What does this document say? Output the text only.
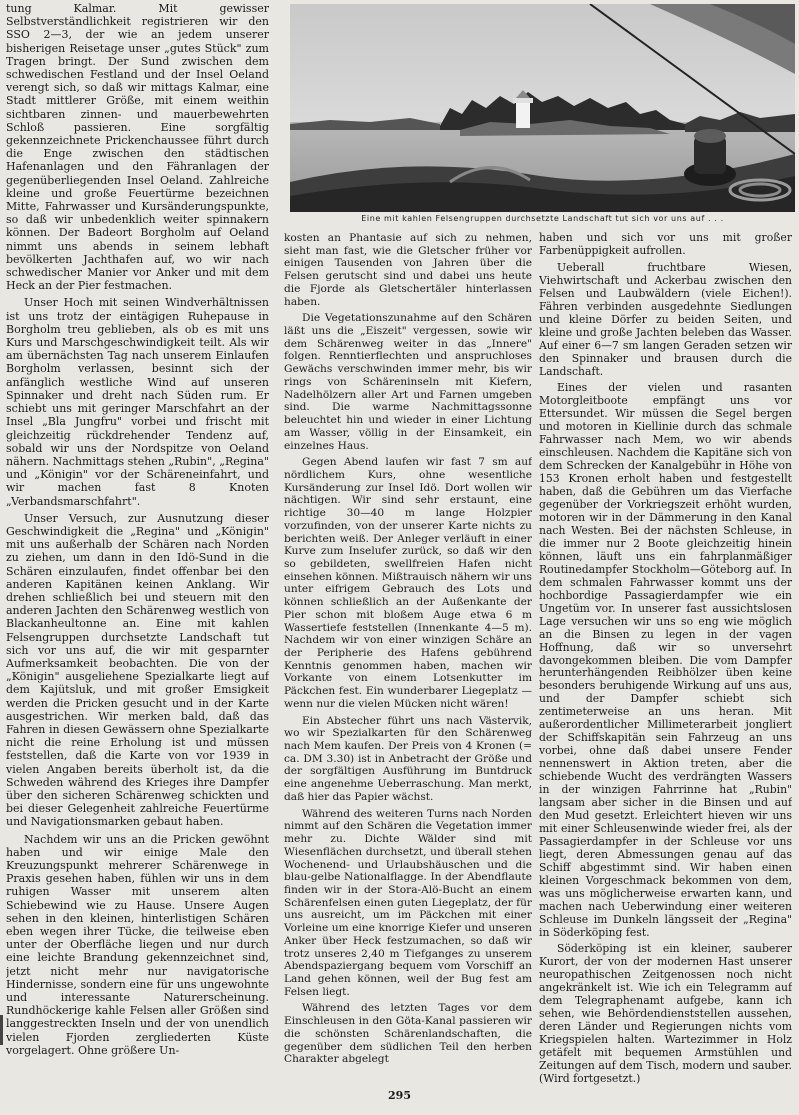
tung Kalmar. Mit gewisser Selbstverständlichkeit registrieren wir den SSO 2—3, der wie an jedem unserer bisherigen Reisetage unser „gutes Stück" zum Tragen bringt. Der Sund zwischen dem schwedischen Festland und der Insel Oeland verengt sich, so daß wir mittags Kalmar, eine Stadt mittlerer Größe, mit einem weithin sichtbaren zinnen- und mauerbewehrten Schloß passieren. Eine sorgfältig gekennzeichnete Prickenchaussee führt durch die Enge zwischen den städtischen Hafenanlagen und den Fähranlagen der gegenüberliegenden Insel Oeland. Zahlreiche kleine und große Feuertürme bezeichnen Mitte, Fahrwasser und Kursänderungspunkte, so daß wir unbedenklich weiter spinnakern können. Der Badeort Borgholm auf Oeland nimmt uns abends in seinem lebhaft bevölkerten Jachthafen auf, wo wir nach schwedischer Manier vor Anker und mit dem Heck an der Pier festmachen.

Unser Hoch mit seinen Windverhältnissen ist uns trotz der eintägigen Ruhepause in Borgholm treu geblieben, als ob es mit uns Kurs und Marschgeschwindigkeit teilt. Als wir am übernächsten Tag nach unserem Einlaufen Borgholm verlassen, besinnt sich der anfänglich westliche Wind auf unseren Spinnaker und dreht nach Süden rum. Er schiebt uns mit geringer Marschfahrt an der Insel „Bla Jungfru" vorbei und frischt mit gleichzeitig rückdrehender Tendenz auf, sobald wir uns der Nordspitze von Oeland nähern. Nachmittags stehen „Rubin", „Regina" und „Königin" vor der Schäreneinfahrt, und wir machen fast 8 Knoten „Verbandsmarschfahrt".

Unser Versuch, zur Ausnutzung dieser Geschwindigkeit die „Regina" und „Königin" mit uns außerhalb der Schären nach Norden zu ziehen, um dann in den Idö-Sund in die Schären einzulaufen, findet offenbar bei den anderen Kapitänen keinen Anklang. Wir drehen schließlich bei und steuern mit den anderen Jachten den Schärenweg westlich von Blackanheultonne an. Eine mit kahlen Felsengruppen durchsetzte Landschaft tut sich vor uns auf, die wir mit gesparnter Aufmerksamkeit beobachten. Die von der „Königin" ausgeliehene Spezialkarte liegt auf dem Kajütsluk, und mit großer Emsigkeit werden die Pricken gesucht und in der Karte ausgestrichen. Wir merken bald, daß das Fahren in diesen Gewässern ohne Spezialkarte nicht die reine Erholung ist und müssen feststellen, daß die Karte von vor 1939 in vielen Angaben bereits überholt ist, da die Schweden während des Krieges ihre Dampfer über den sicheren Schärenweg schickten und bei dieser Gelegenheit zahlreiche Feuertürme und Navigationsmarken gebaut haben.

Nachdem wir uns an die Pricken gewöhnt haben und wir einige Male den Kreuzungspunkt mehrerer Schärenwege in Praxis gesehen haben, fühlen wir uns in dem ruhigen Wasser mit unserem alten Schiebewind wie zu Hause. Unsere Augen sehen in den kleinen, hinterlistigen Schären eben wegen ihrer Tücke, die teilweise eben unter der Oberfläche liegen und nur durch eine leichte Brandung gekennzeichnet sind, jetzt nicht mehr nur navigatorische Hindernisse, sondern eine für uns ungewohnte und interessante Naturerscheinung. Rundhöckerige kahle Felsen aller Größen sind langgestreckten Inseln und der von unendlich vielen Fjorden zergliederten Küste vorgelagert. Ohne größere Un-

Eine mit kahlen Felsengruppen durchsetzte Landschaft tut sich vor uns auf . . .

kosten an Phantasie auf sich zu nehmen, sieht man fast, wie die Gletscher früher vor einigen Tausenden von Jahren über die Felsen gerutscht sind und dabei uns heute die Fjorde als Gletschertäler hinterlassen haben.

Die Vegetationszunahme auf den Schären läßt uns die „Eiszeit" vergessen, sowie wir dem Schärenweg weiter in das „Innere" folgen. Renntierflechten und anspruchloses Gewächs verschwinden immer mehr, bis wir rings von Schäreninseln mit Kiefern, Nadelhölzern aller Art und Farnen umgeben sind. Die warme Nachmittagssonne beleuchtet hin und wieder in einer Lichtung am Wasser, völlig in der Einsamkeit, ein einzelnes Haus.

Gegen Abend laufen wir fast 7 sm auf nördlichem Kurs, ohne wesentliche Kursänderung zur Insel Idö. Dort wollen wir nächtigen. Wir sind sehr erstaunt, eine richtige 30—40 m lange Holzpier vorzufinden, von der unserer Karte nichts zu berichten weiß. Der Anleger verläuft in einer Kurve zum Inselufer zurück, so daß wir den so gebildeten, swellfreien Hafen nicht einsehen können. Mißtrauisch nähern wir uns unter eifrigem Gebrauch des Lots und können schließlich an der Außenkante der Pier schon mit bloßem Auge etwa 6 m Wassertiefe feststellen (Innenkante 4—5 m). Nachdem wir von einer winzigen Schäre an der Peripherie des Hafens gebührend Kenntnis genommen haben, machen wir Vorkante von einem Lotsenkutter im Päckchen fest. Ein wunderbarer Liegeplatz — wenn nur die vielen Mücken nicht wären!

Ein Abstecher führt uns nach Västervik, wo wir Spezialkarten für den Schärenweg nach Mem kaufen. Der Preis von 4 Kronen (= ca. DM 3.30) ist in Anbetracht der Größe und der sorgfältigen Ausführung im Buntdruck eine angenehme Ueberraschung. Man merkt, daß hier das Papier wächst.

Während des weiteren Turns nach Norden nimmt auf den Schären die Vegetation immer mehr zu. Dichte Wälder sind mit Wiesenflächen durchsetzt, und überall stehen Wochenend- und Urlaubshäuschen und die blau-gelbe Nationalflagge. In der Abendflaute finden wir in der Stora-Alö-Bucht an einem Schärenfelsen einen guten Liegeplatz, der für uns ausreicht, um im Päckchen mit einer Vorleine um eine knorrige Kiefer und unseren Anker über Heck festzumachen, so daß wir trotz unseres 2,40 m Tiefganges zu unserem Abendspaziergang bequem vom Vorschiff an Land gehen können, weil der Bug fest am Felsen liegt.

Während des letzten Tages vor dem Einschleusen in den Göta-Kanal passieren wir die schönsten Schärenlandschaften, die gegenüber dem südlichen Teil den herben Charakter abgelegt

haben und sich vor uns mit großer Farbenüppigkeit aufrollen.

Ueberall fruchtbare Wiesen, Viehwirtschaft und Ackerbau zwischen den Felsen und Laubwäldern (viele Eichen!). Fähren verbinden ausgedehnte Siedlungen und kleine Dörfer zu beiden Seiten, und kleine und große Jachten beleben das Wasser. Auf einer 6—7 sm langen Geraden setzen wir den Spinnaker und brausen durch die Landschaft.

Eines der vielen und rasanten Motorgleitboote empfängt uns vor Ettersundet. Wir müssen die Segel bergen und motoren in Kiellinie durch das schmale Fahrwasser nach Mem, wo wir abends einschleusen. Nachdem die Kapitäne sich von dem Schrecken der Kanalgebühr in Höhe von 153 Kronen erholt haben und festgestellt haben, daß die Gebühren um das Vierfache gegenüber der Vorkriegszeit erhöht wurden, motoren wir in der Dämmerung in den Kanal nach Westen. Bei der nächsten Schleuse, in die immer nur 2 Boote gleichzeitig hinein können, läuft uns ein fahrplanmäßiger Routinedampfer Stockholm—Göteborg auf. In dem schmalen Fahrwasser kommt uns der hochbordige Passagierdampfer wie ein Ungetüm vor. In unserer fast aussichtslosen Lage versuchen wir uns so eng wie möglich an die Binsen zu legen in der vagen Hoffnung, daß wir so unversehrt davongekommen bleiben. Die vom Dampfer herunterhängenden Reibhölzer üben keine besonders beruhigende Wirkung auf uns aus, und der Dampfer schiebt sich zentimeterweise an uns heran. Mit außerordentlicher Millimeterarbeit jongliert der Schiffskapitän sein Fahrzeug an uns vorbei, ohne daß dabei unsere Fender nennenswert in Aktion treten, aber die schiebende Wucht des verdrängten Wassers in der winzigen Fahrrinne hat „Rubin" langsam aber sicher in die Binsen und auf den Mud gesetzt. Erleichtert hieven wir uns mit einer Schleusenwinde wieder frei, als der Passagierdampfer in der Schleuse vor uns liegt, deren Abmessungen genau auf das Schiff abgestimmt sind. Wir haben einen kleinen Vorgeschmack bekommen von dem, was uns möglicherweise erwarten kann, und machen nach Ueberwindung einer weiteren Schleuse im Dunkeln längsseit der „Regina" in Söderköping fest.

Söderköping ist ein kleiner, sauberer Kurort, der von der modernen Hast unserer neuropathischen Zeitgenossen noch nicht angekränkelt ist. Wie ich ein Telegramm auf dem Telegraphenamt aufgebe, kann ich sehen, wie Behördendienststellen aussehen, deren Länder und Regierungen nichts vom Kriegspielen halten. Wartezimmer in Holz getäfelt mit bequemen Armstühlen und Zeitungen auf dem Tisch, modern und sauber. (Wird fortgesetzt.)

295
